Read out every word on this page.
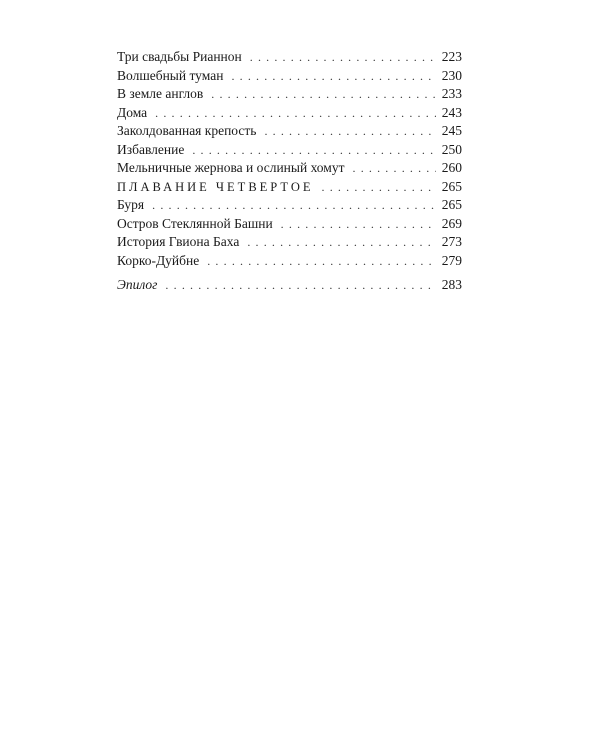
Три свадьбы Рианнон . . .	223
Волшебный туман . . .	230
В земле англов . . .	233
Дома . . .	243
Заколдованная крепость . . .	245
Избавление . . .	250
Мельничные жернова и ослиный хомут . . .	260
ПЛАВАНИЕ ЧЕТВЕРТОЕ . . .	265
Буря . . .	265
Остров Стеклянной Башни . . .	269
История Гвиона Баха . . .	273
Корко-Дуйбне . . .	279
Эпилог . . .	283
